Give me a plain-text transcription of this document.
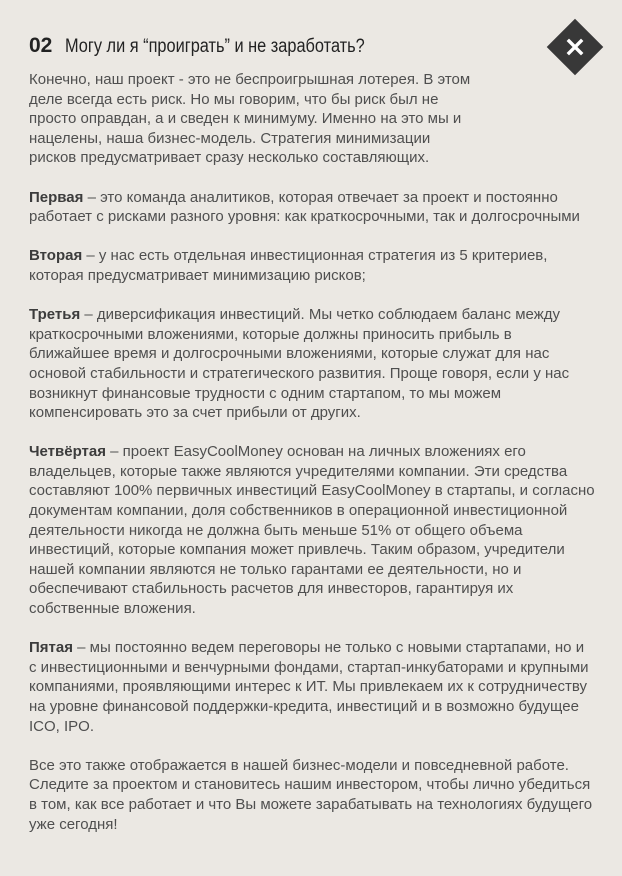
02 Могу ли я “проиграть” и не заработать?

Конечно, наш проект - это не беспроигрышная лотерея. В этом деле всегда есть риск. Но мы говорим, что бы риск был не просто оправдан, а и сведен к минимуму. Именно на это мы и нацелены, наша бизнес-модель. Стратегия минимизации рисков предусматривает сразу несколько составляющих.

Первая – это команда аналитиков, которая отвечает за проект и постоянно работает с рисками разного уровня: как краткосрочными, так и долгосрочными

Вторая – у нас есть отдельная инвестиционная стратегия из 5 критериев, которая предусматривает минимизацию рисков;

Третья – диверсификация инвестиций. Мы четко соблюдаем баланс между краткосрочными вложениями, которые должны приносить прибыль в ближайшее время и долгосрочными вложениями, которые служат для нас основой стабильности и стратегического развития. Проще говоря, если у нас возникнут финансовые трудности с одним стартапом, то мы можем компенсировать это за счет прибыли от других.

Четвёртая – проект EasyCoolMoney основан на личных вложениях его владельцев, которые также являются учредителями компании. Эти средства составляют 100% первичных инвестиций EasyCoolMoney в стартапы, и согласно документам компании, доля собственников в операционной инвестиционной деятельности никогда не должна быть меньше 51% от общего объема инвестиций, которые компания может привлечь. Таким образом, учредители нашей компании являются не только гарантами ее деятельности, но и обеспечивают стабильность расчетов для инвесторов, гарантируя их собственные вложения.

Пятая – мы постоянно ведем переговоры не только с новыми стартапами, но и с инвестиционными и венчурными фондами, стартап-инкубаторами и крупными компаниями, проявляющими интерес к ИТ. Мы привлекаем их к сотрудничеству на уровне финансовой поддержки-кредита, инвестиций и в возможно будущее ICO, IPO.

Все это также отображается в нашей бизнес-модели и повседневной работе. Следите за проектом и становитесь нашим инвестором, чтобы лично убедиться в том, как все работает и что Вы можете зарабатывать на технологиях будущего уже сегодня!
